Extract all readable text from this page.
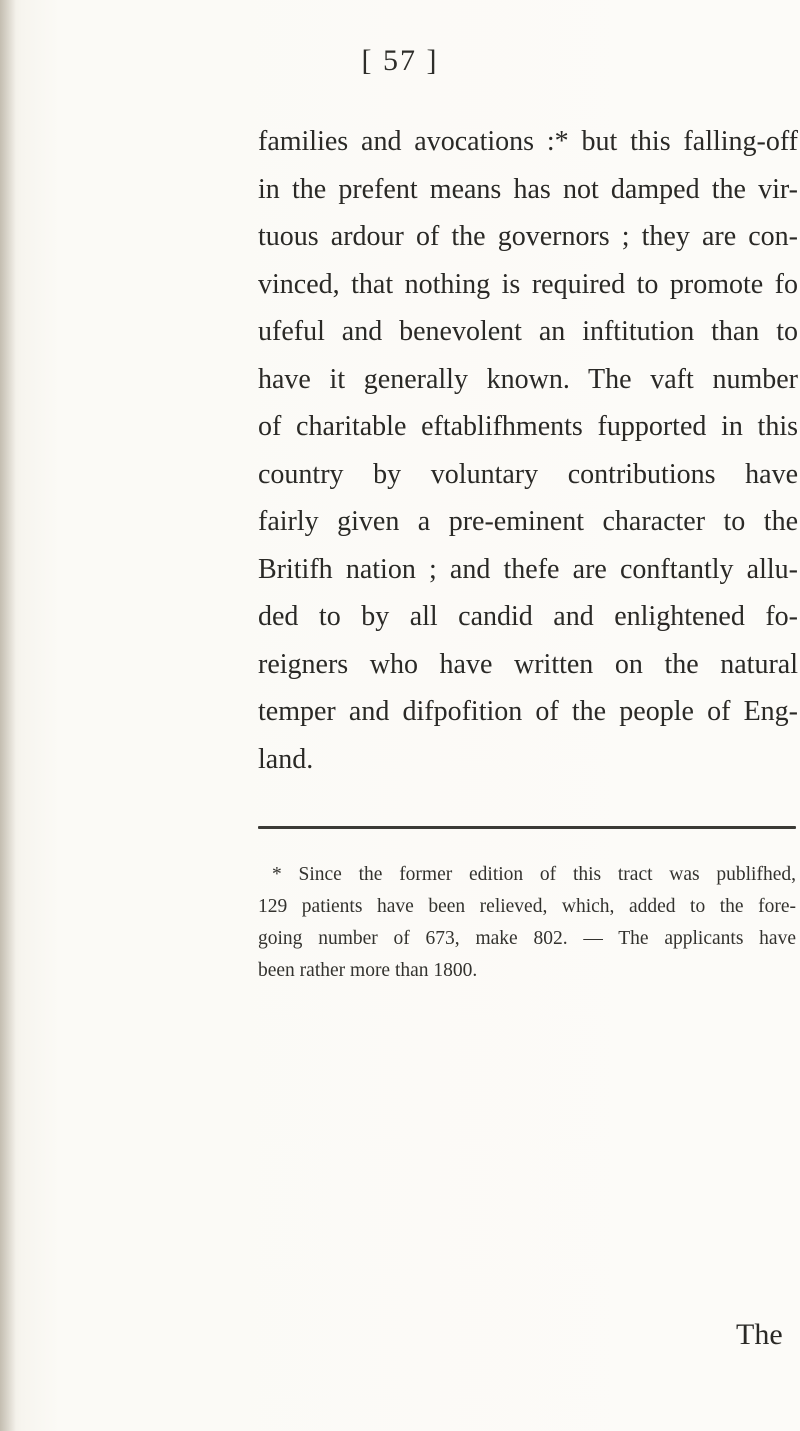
[ 57 ]
families and avocations :* but this falling-off
in the prefent means has not damped the vir-
tuous ardour of the governors ; they are con-
vinced, that nothing is required to promote fo
ufeful and benevolent an inftitution than to
have it generally known. The vaft number
of charitable eftablifhments fupported in this
country by voluntary contributions have
fairly given a pre-eminent character to the
Britifh nation ; and thefe are conftantly allu-
ded to by all candid and enlightened fo-
reigners who have written on the natural
temper and difpofition of the people of Eng-
land.
* Since the former edition of this tract was publifhed,
129 patients have been relieved, which, added to the fore-
going number of 673, make 802. — The applicants have
been rather more than 1800.
The
